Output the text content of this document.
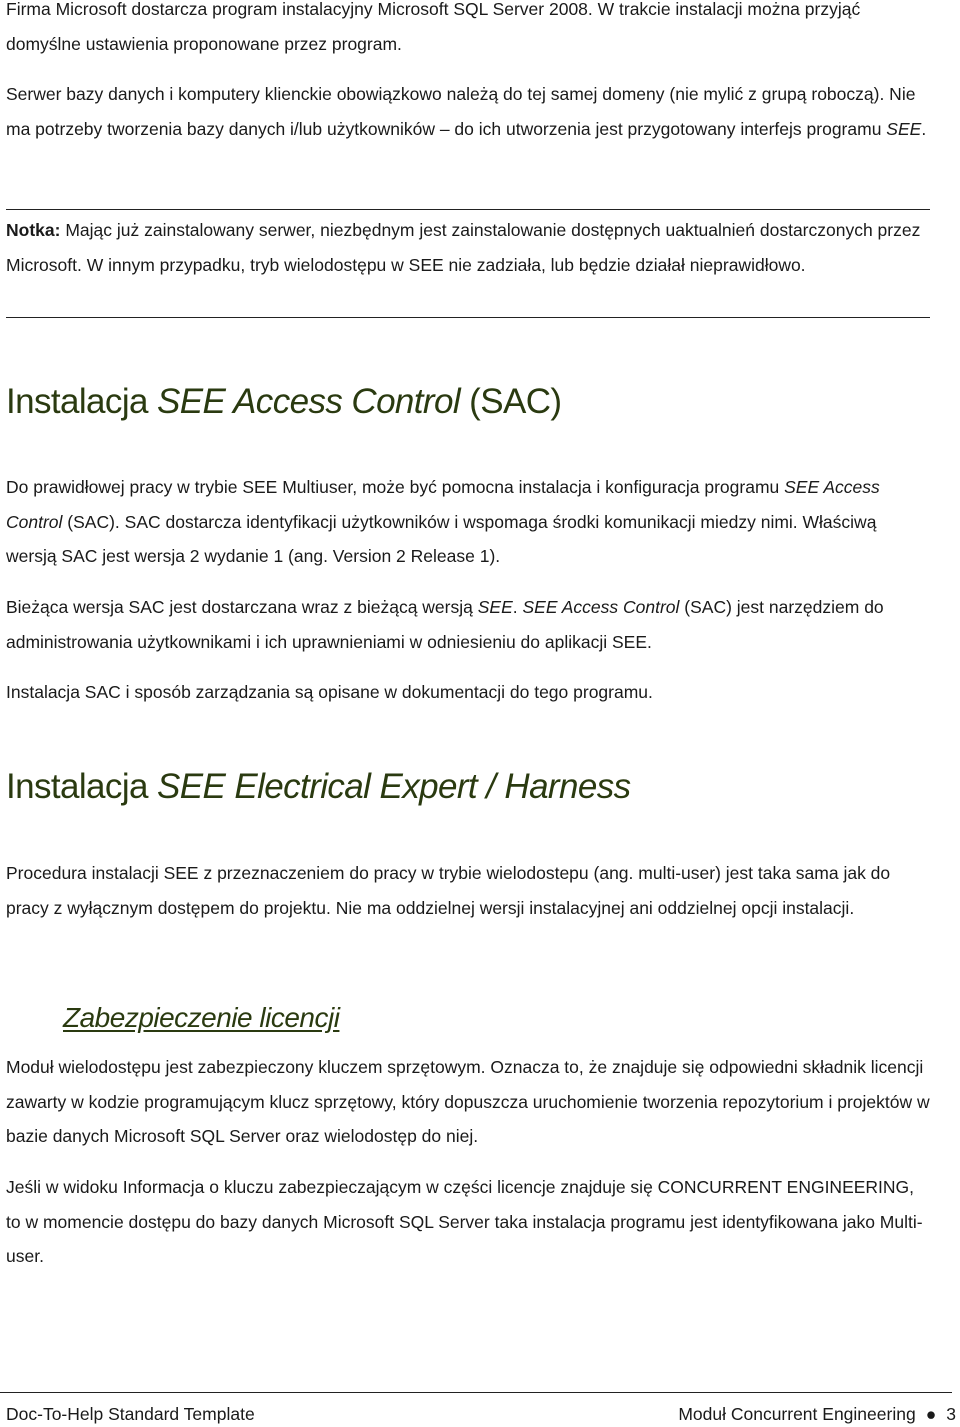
Firma Microsoft dostarcza program instalacyjny Microsoft SQL Server 2008. W trakcie instalacji można przyjąć domyślne ustawienia proponowane przez program.

Serwer bazy danych i komputery klienckie obowiązkowo należą do tej samej domeny (nie mylić z grupą roboczą). Nie ma potrzeby tworzenia bazy danych i/lub użytkowników – do ich utworzenia jest przygotowany interfejs programu SEE.

Notka: Mając już zainstalowany serwer, niezbędnym jest zainstalowanie dostępnych uaktualnień dostarczonych przez Microsoft. W innym przypadku, tryb wielodostępu w SEE nie zadziała, lub będzie działał nieprawidłowo.

Instalacja SEE Access Control (SAC)

Do prawidłowej pracy w trybie SEE Multiuser, może być pomocna instalacja i konfiguracja programu SEE Access Control (SAC). SAC dostarcza identyfikacji użytkowników i wspomaga środki komunikacji miedzy nimi. Właściwą wersją SAC jest wersja 2 wydanie 1 (ang. Version 2 Release 1).

Bieżąca wersja SAC jest dostarczana wraz z bieżącą wersją SEE. SEE Access Control (SAC) jest narzędziem do administrowania użytkownikami i ich uprawnieniami w odniesieniu do aplikacji SEE.

Instalacja SAC i sposób zarządzania są opisane w dokumentacji do tego programu.

Instalacja SEE Electrical Expert / Harness

Procedura instalacji SEE z przeznaczeniem do pracy w trybie wielodostepu (ang. multi-user) jest taka sama jak do pracy z wyłącznym dostępem do projektu. Nie ma oddzielnej wersji instalacyjnej ani oddzielnej opcji instalacji.

Zabezpieczenie licencji

Moduł wielodostępu jest zabezpieczony kluczem sprzętowym. Oznacza to, że znajduje się odpowiedni składnik licencji zawarty w kodzie programującym klucz sprzętowy, który dopuszcza uruchomienie tworzenia repozytorium i projektów w bazie danych Microsoft SQL Server oraz wielodostęp do niej.

Jeśli w widoku Informacja o kluczu zabezpieczającym w części licencje znajduje się CONCURRENT ENGINEERING, to w momencie dostępu do bazy danych Microsoft SQL Server taka instalacja programu jest identyfikowana jako Multi-user.

Doc-To-Help Standard Template	Moduł Concurrent Engineering ● 3
